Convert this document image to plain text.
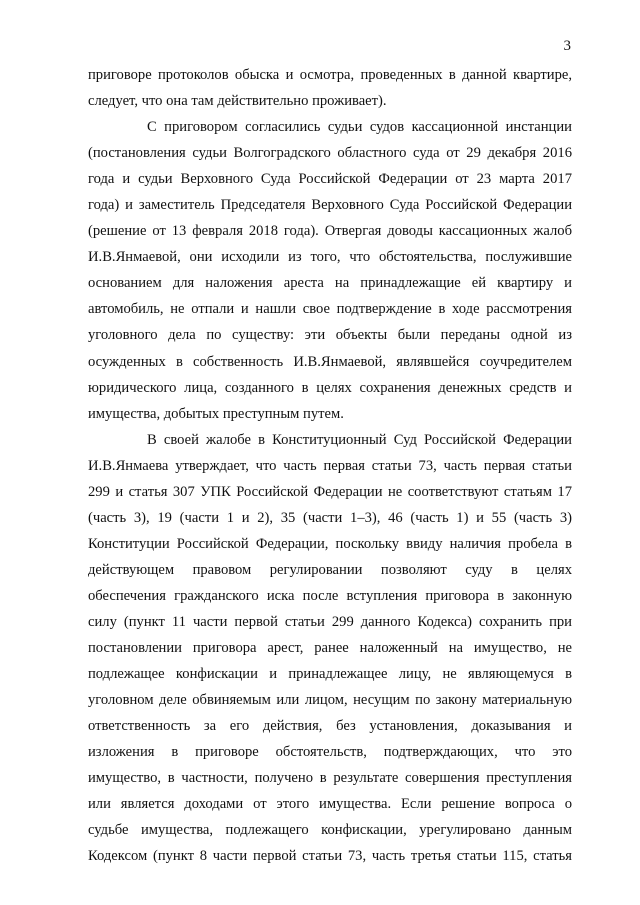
3
приговоре протоколов обыска и осмотра, проведенных в данной квартире,
следует, что она там действительно проживает).
С приговором согласились судьи судов кассационной инстанции
(постановления судьи Волгоградского областного суда от 29 декабря 2016
года и судьи Верховного Суда Российской Федерации от 23 марта 2017
года) и заместитель Председателя Верховного Суда Российской Федерации
(решение от 13 февраля 2018 года). Отвергая доводы кассационных жалоб
И.В.Янмаевой, они исходили из того, что обстоятельства, послужившие
основанием для наложения ареста на принадлежащие ей квартиру и
автомобиль, не отпали и нашли свое подтверждение в ходе рассмотрения
уголовного дела по существу: эти объекты были переданы одной из
осужденных в собственность И.В.Янмаевой, являвшейся соучредителем
юридического лица, созданного в целях сохранения денежных средств и
имущества, добытых преступным путем.
В своей жалобе в Конституционный Суд Российской Федерации
И.В.Янмаева утверждает, что часть первая статьи 73, часть первая статьи
299 и статья 307 УПК Российской Федерации не соответствуют статьям 17
(часть 3), 19 (части 1 и 2), 35 (части 1–3), 46 (часть 1) и 55 (часть 3)
Конституции Российской Федерации, поскольку ввиду наличия пробела в
действующем правовом регулировании позволяют суду в целях
обеспечения гражданского иска после вступления приговора в законную
силу (пункт 11 части первой статьи 299 данного Кодекса) сохранить при
постановлении приговора арест, ранее наложенный на имущество, не
подлежащее конфискации и принадлежащее лицу, не являющемуся в
уголовном деле обвиняемым или лицом, несущим по закону материальную
ответственность за его действия, без установления, доказывания и
изложения в приговоре обстоятельств, подтверждающих, что это
имущество, в частности, получено в результате совершения преступления
или является доходами от этого имущества. Если решение вопроса о
судьбе имущества, подлежащего конфискации, урегулировано данным
Кодексом (пункт 8 части первой статьи 73, часть третья статьи 115, статья
